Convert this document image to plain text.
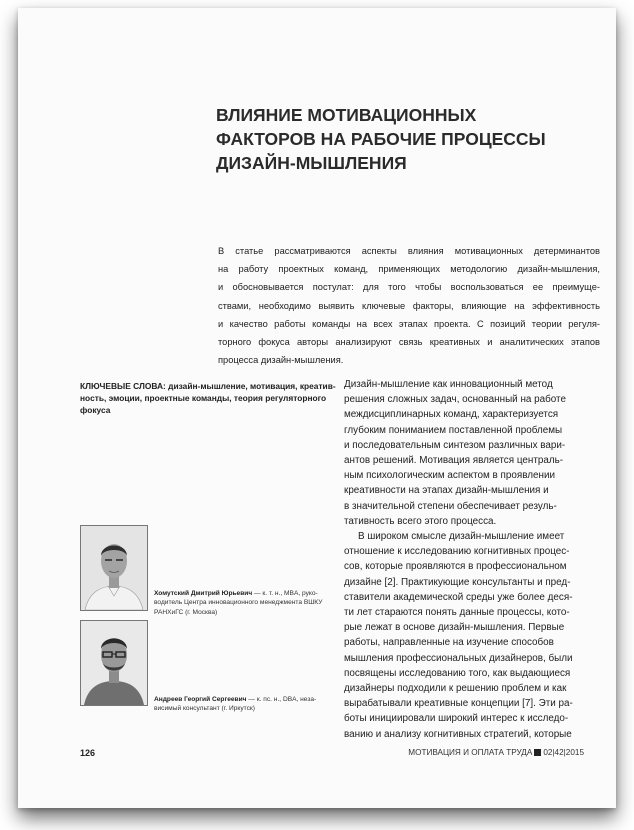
ВЛИЯНИЕ МОТИВАЦИОННЫХ
ФАКТОРОВ НА РАБОЧИЕ ПРОЦЕССЫ
ДИЗАЙН-МЫШЛЕНИЯ
В статье рассматриваются аспекты влияния мотивационных детерминантов
на работу проектных команд, применяющих методологию дизайн-мышления,
и обосновывается постулат: для того чтобы воспользоваться ее преимуще-
ствами, необходимо выявить ключевые факторы, влияющие на эффективность
и качество работы команды на всех этапах проекта. С позиций теории регуля-
торного фокуса авторы анализируют связь креативных и аналитических этапов
процесса дизайн-мышления.
КЛЮЧЕВЫЕ СЛОВА: дизайн-мышление, мотивация, креативность, эмоции, проектные команды, теория регуляторного фокуса
Дизайн-мышление как инновационный метод
решения сложных задач, основанный на работе
междисциплинарных команд, характеризуется
глубоким пониманием поставленной проблемы
и последовательным синтезом различных вари-
антов решений. Мотивация является централь-
ным психологическим аспектом в проявлении
креативности на этапах дизайн-мышления и
в значительной степени обеспечивает резуль-
тативность всего этого процесса.
В широком смысле дизайн-мышление имеет
отношение к исследованию когнитивных процес-
сов, которые проявляются в профессиональном
дизайне [2]. Практикующие консультанты и пред-
ставители академической среды уже более деся-
ти лет стараются понять данные процессы, кото-
рые лежат в основе дизайн-мышления. Первые
работы, направленные на изучение способов
мышления профессиональных дизайнеров, были
посвящены исследованию того, как выдающиеся
дизайнеры подходили к решению проблем и как
вырабатывали креативные концепции [7]. Эти ра-
боты инициировали широкий интерес к исследо-
ванию и анализу когнитивных стратегий, которые
Хомутский Дмитрий Юрьевич — к. т. н., MBA, руко-
водитель Центра инновационного менеджмента ВШКУ
РАНХиГС (г. Москва)
Андреев Георгий Сергеевич — к. пс. н., DBA, неза-
висимый консультант (г. Иркутск)
126	МОТИВАЦИЯ И ОПЛАТА ТРУДА 02|42|2015
